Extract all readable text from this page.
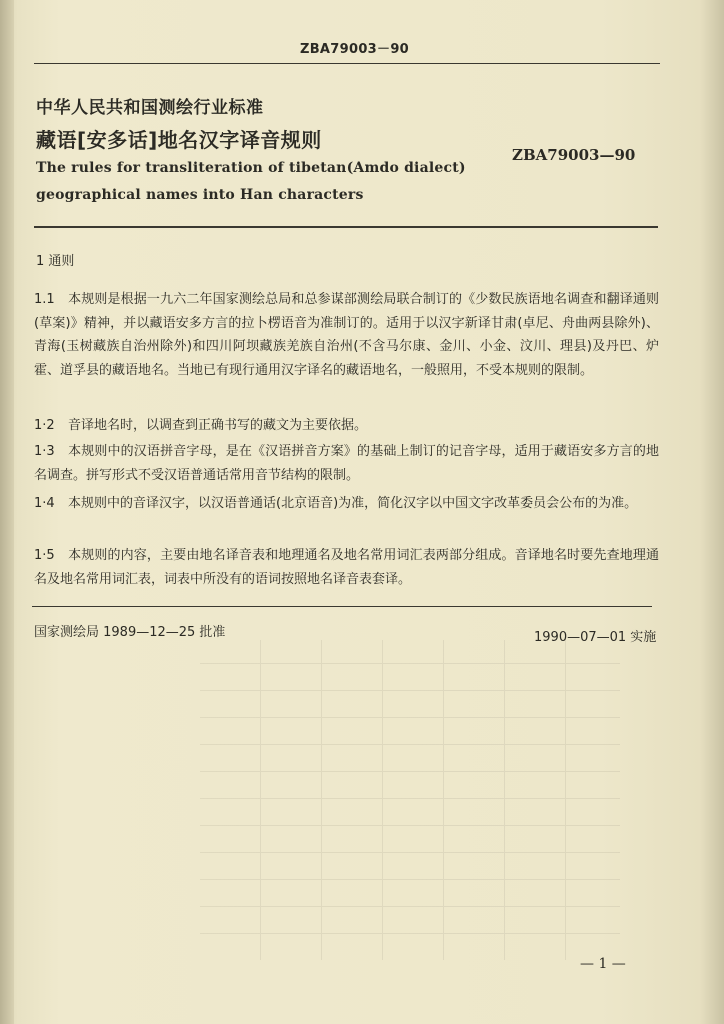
ZBA79003－90
中华人民共和国测绘行业标准
藏语[安多话]地名汉字译音规则
ZBA79003—90
The rules for transliteration of tibetan(Amdo dialect)
geographical names into Han characters
1 通则
1.1 本规则是根据一九六二年国家测绘总局和总参谋部测绘局联合制订的《少数民族语地名调查和翻译通则(草案)》精神，并以藏语安多方言的拉卜楞语音为准制订的。适用于以汉字新译甘肃(卓尼、舟曲两县除外)、青海(玉树藏族自治州除外)和四川阿坝藏族羌族自治州(不含马尔康、金川、小金、汶川、理县)及丹巴、炉霍、道孚县的藏语地名。当地已有现行通用汉字译名的藏语地名，一般照用，不受本规则的限制。
1·2 音译地名时，以调查到正确书写的藏文为主要依据。
1·3 本规则中的汉语拼音字母，是在《汉语拼音方案》的基础上制订的记音字母，适用于藏语安多方言的地名调查。拼写形式不受汉语普通话常用音节结构的限制。
1·4 本规则中的音译汉字，以汉语普通话(北京语音)为准，简化汉字以中国文字改革委员会公布的为准。
1·5 本规则的内容，主要由地名译音表和地理通名及地名常用词汇表两部分组成。音译地名时要先查地理通名及地名常用词汇表，词表中所没有的语词按照地名译音表套译。
国家测绘局 1989—12—25 批准	1990—07—01 实施
— 1 —
